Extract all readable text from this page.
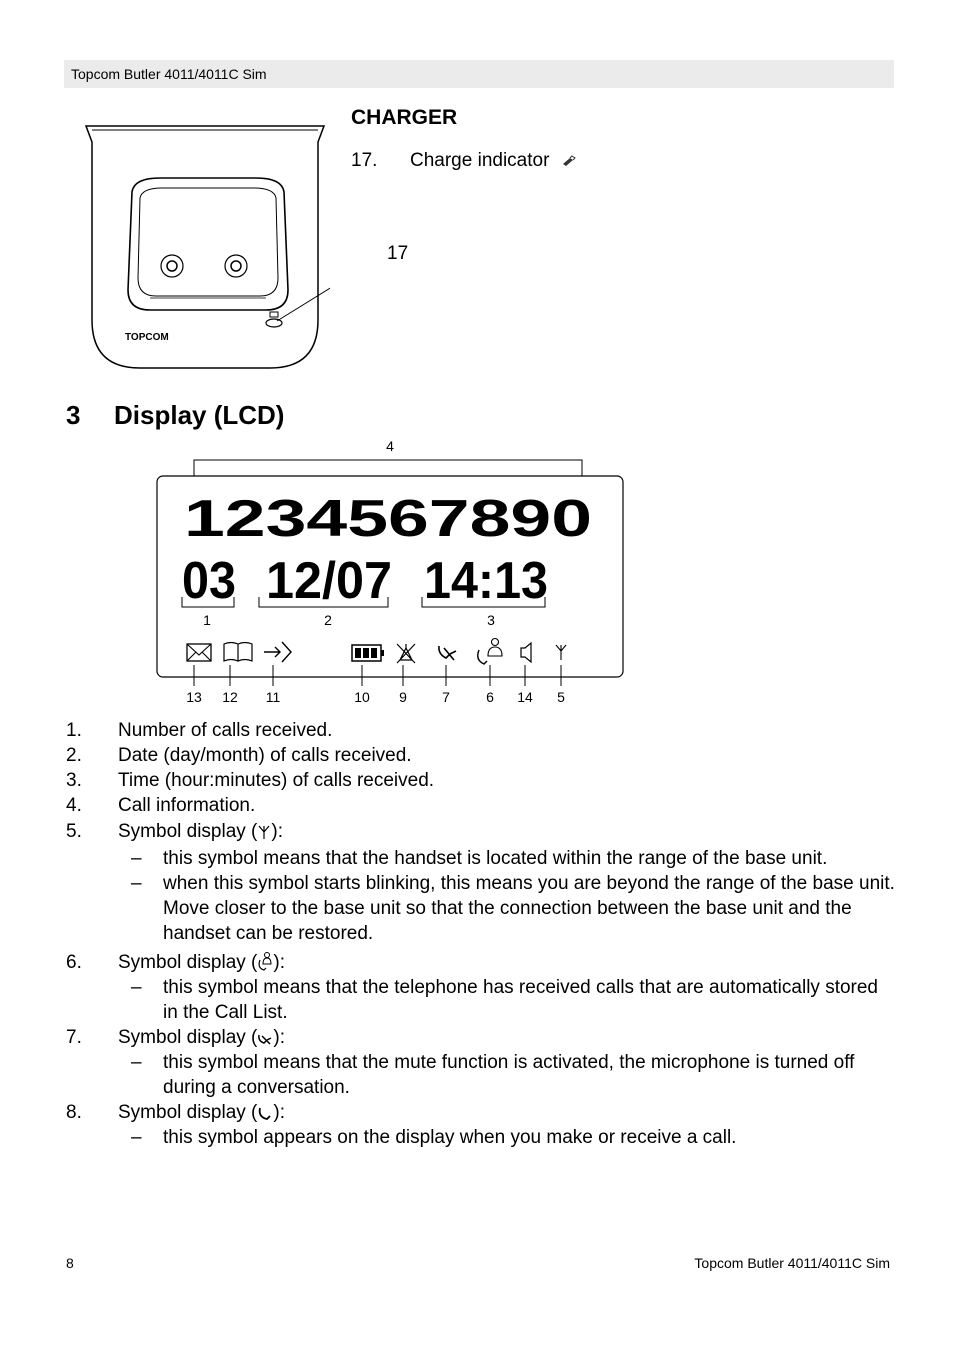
Topcom Butler 4011/4011C Sim
TOPCOM
CHARGER
17.	Charge indicator
17
3 Display (LCD)
4
1234567890
03 12/07 14:13
1	2	3
13 12 11	10 9	7	6 14 5
1. Number of calls received.
2. Date (day/month) of calls received.
3. Time (hour:minutes) of calls received.
4. Call information.
5. Symbol display ( ):
– this symbol means that the handset is located within the range of the base unit.
– when this symbol starts blinking, this means you are beyond the range of the base unit. Move closer to the base unit so that the connection between the base unit and the handset can be restored.
6. Symbol display ( ):
– this symbol means that the telephone has received calls that are automatically stored in the Call List.
7. Symbol display ( ):
– this symbol means that the mute function is activated, the microphone is turned off during a conversation.
8. Symbol display ( ):
– this symbol appears on the display when you make or receive a call.
8	Topcom Butler 4011/4011C Sim
